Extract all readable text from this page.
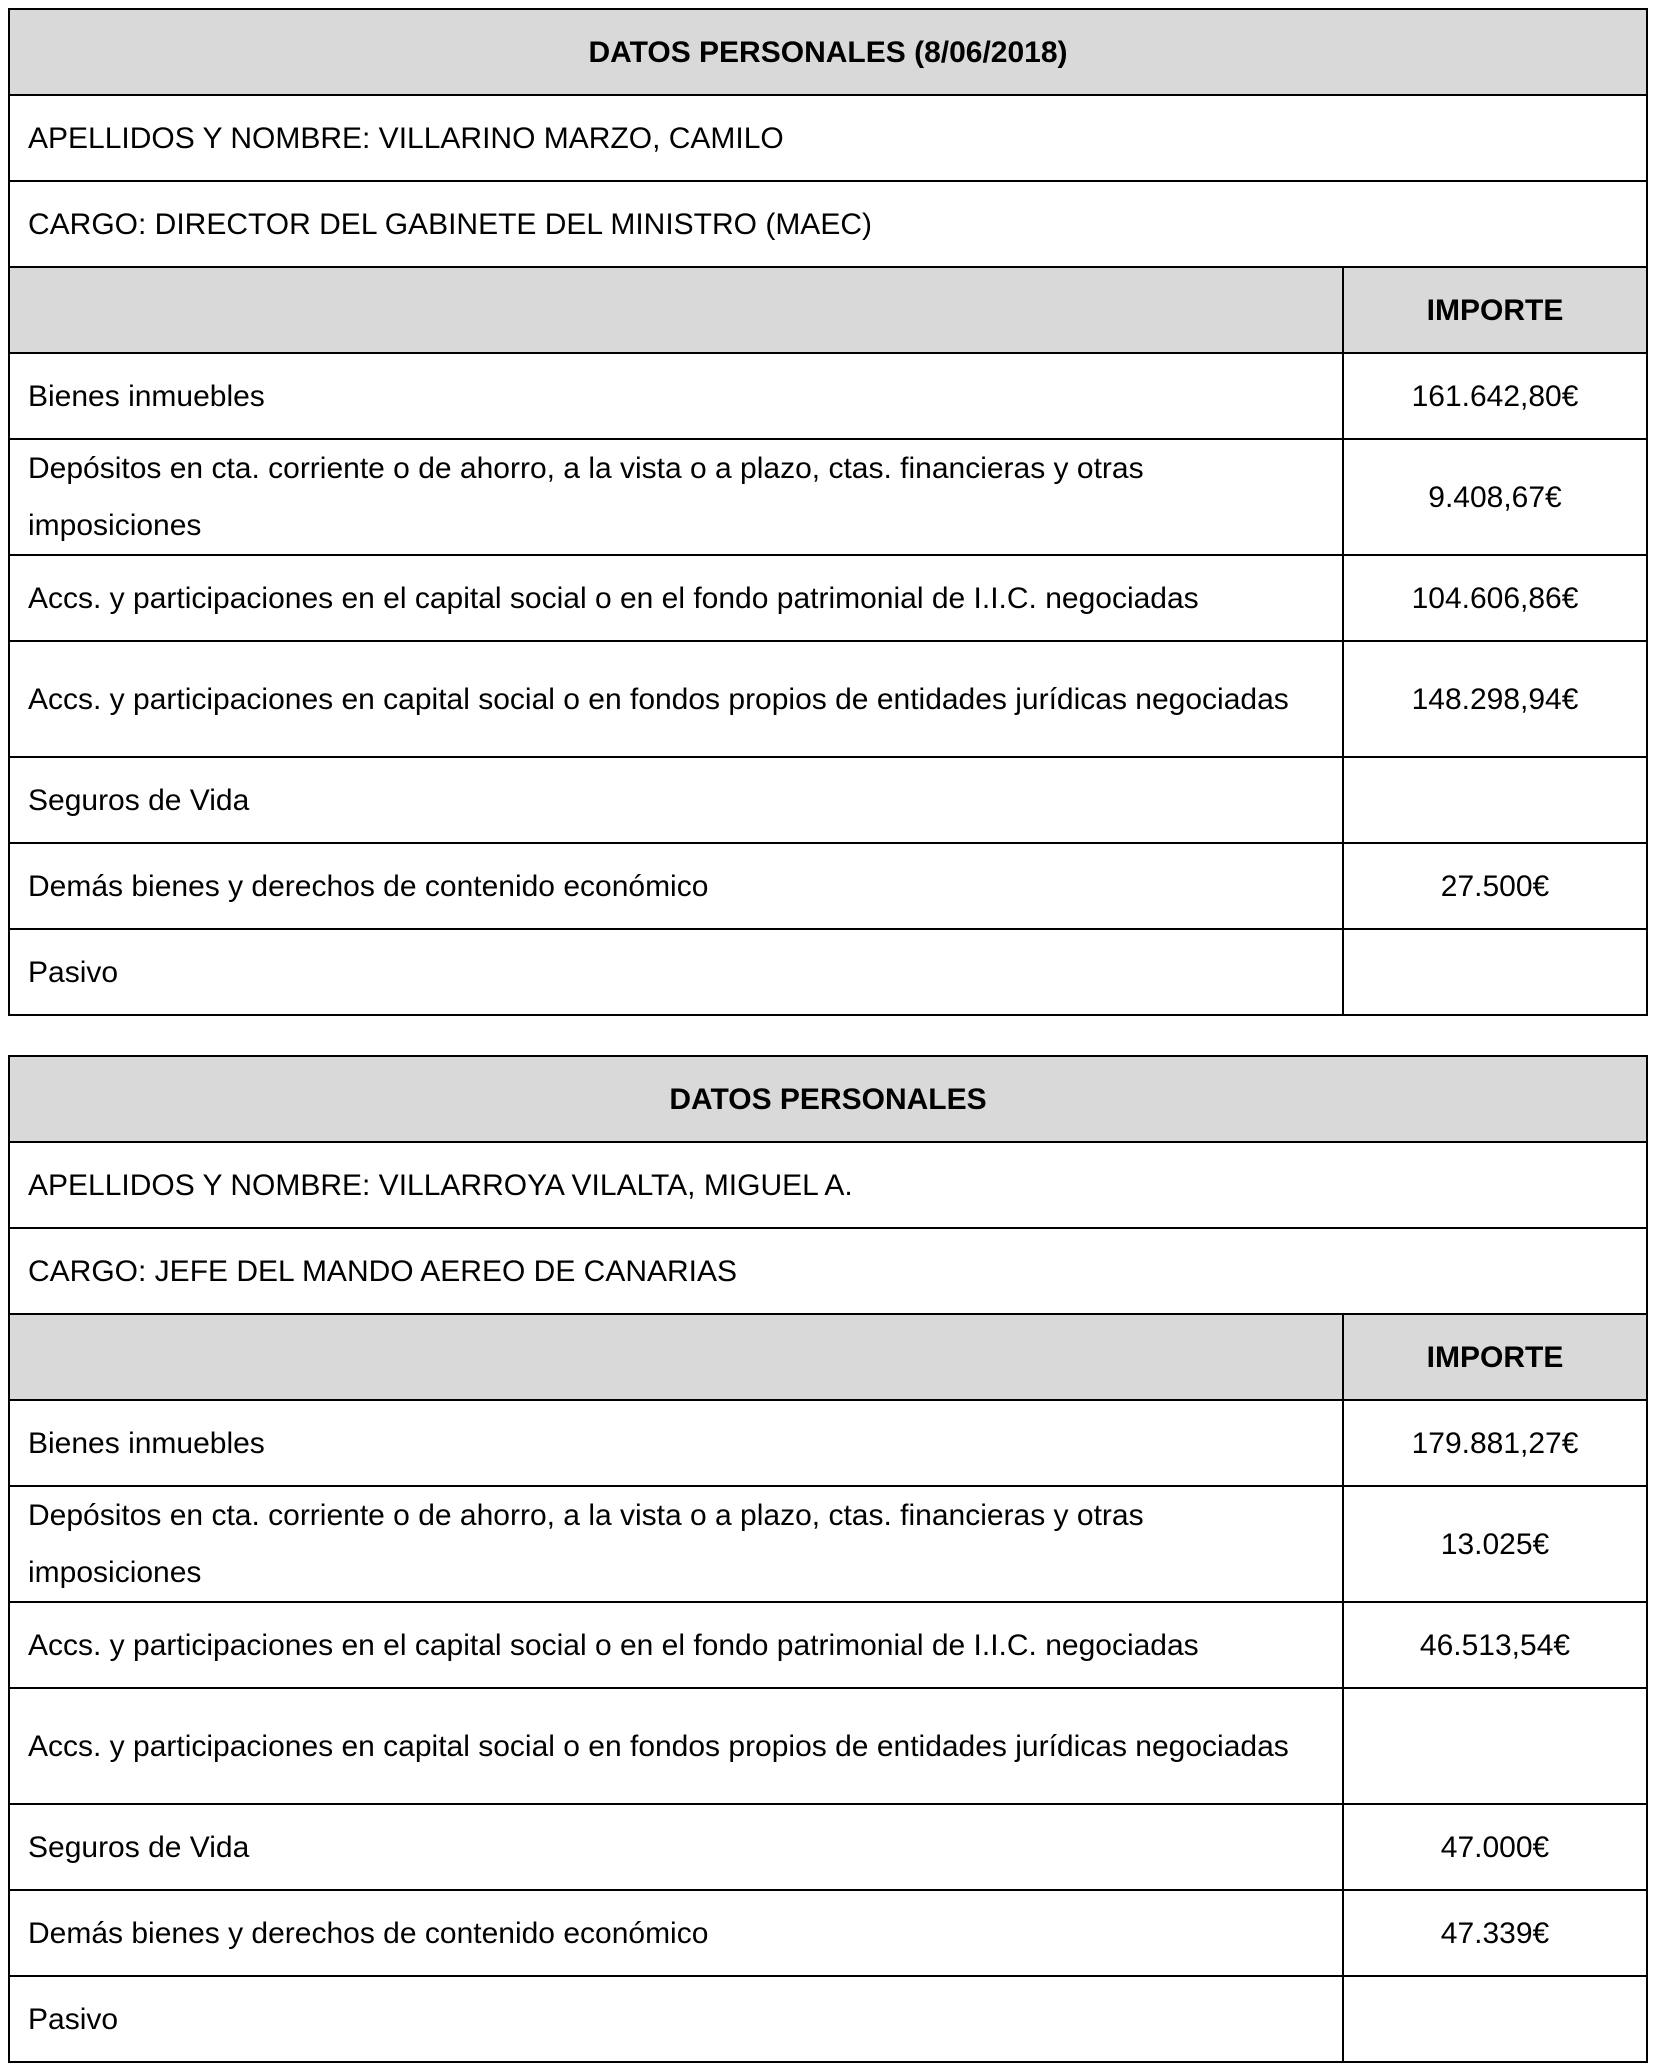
DATOS PERSONALES (8/06/2018)	
APELLIDOS Y NOMBRE: VILLARINO MARZO, CAMILO	
CARGO: DIRECTOR DEL GABINETE DEL MINISTRO (MAEC)	
	IMPORTE
Bienes inmuebles	161.642,80€
Depósitos en cta. corriente o de ahorro, a la vista o a plazo, ctas. financieras y otras imposiciones	9.408,67€
Accs. y participaciones en el capital social o en el fondo patrimonial de I.I.C. negociadas	104.606,86€
Accs. y participaciones en capital social o en fondos propios de entidades jurídicas negociadas	148.298,94€
Seguros de Vida	
Demás bienes y derechos de contenido económico	27.500€
Pasivo	
DATOS PERSONALES	
APELLIDOS Y NOMBRE: VILLARROYA VILALTA, MIGUEL A.	
CARGO: JEFE DEL MANDO AEREO DE CANARIAS	
	IMPORTE
Bienes inmuebles	179.881,27€
Depósitos en cta. corriente o de ahorro, a la vista o a plazo, ctas. financieras y otras imposiciones	13.025€
Accs. y participaciones en el capital social o en el fondo patrimonial de I.I.C. negociadas	46.513,54€
Accs. y participaciones en capital social o en fondos propios de entidades jurídicas negociadas	
Seguros de Vida	47.000€
Demás bienes y derechos de contenido económico	47.339€
Pasivo	
